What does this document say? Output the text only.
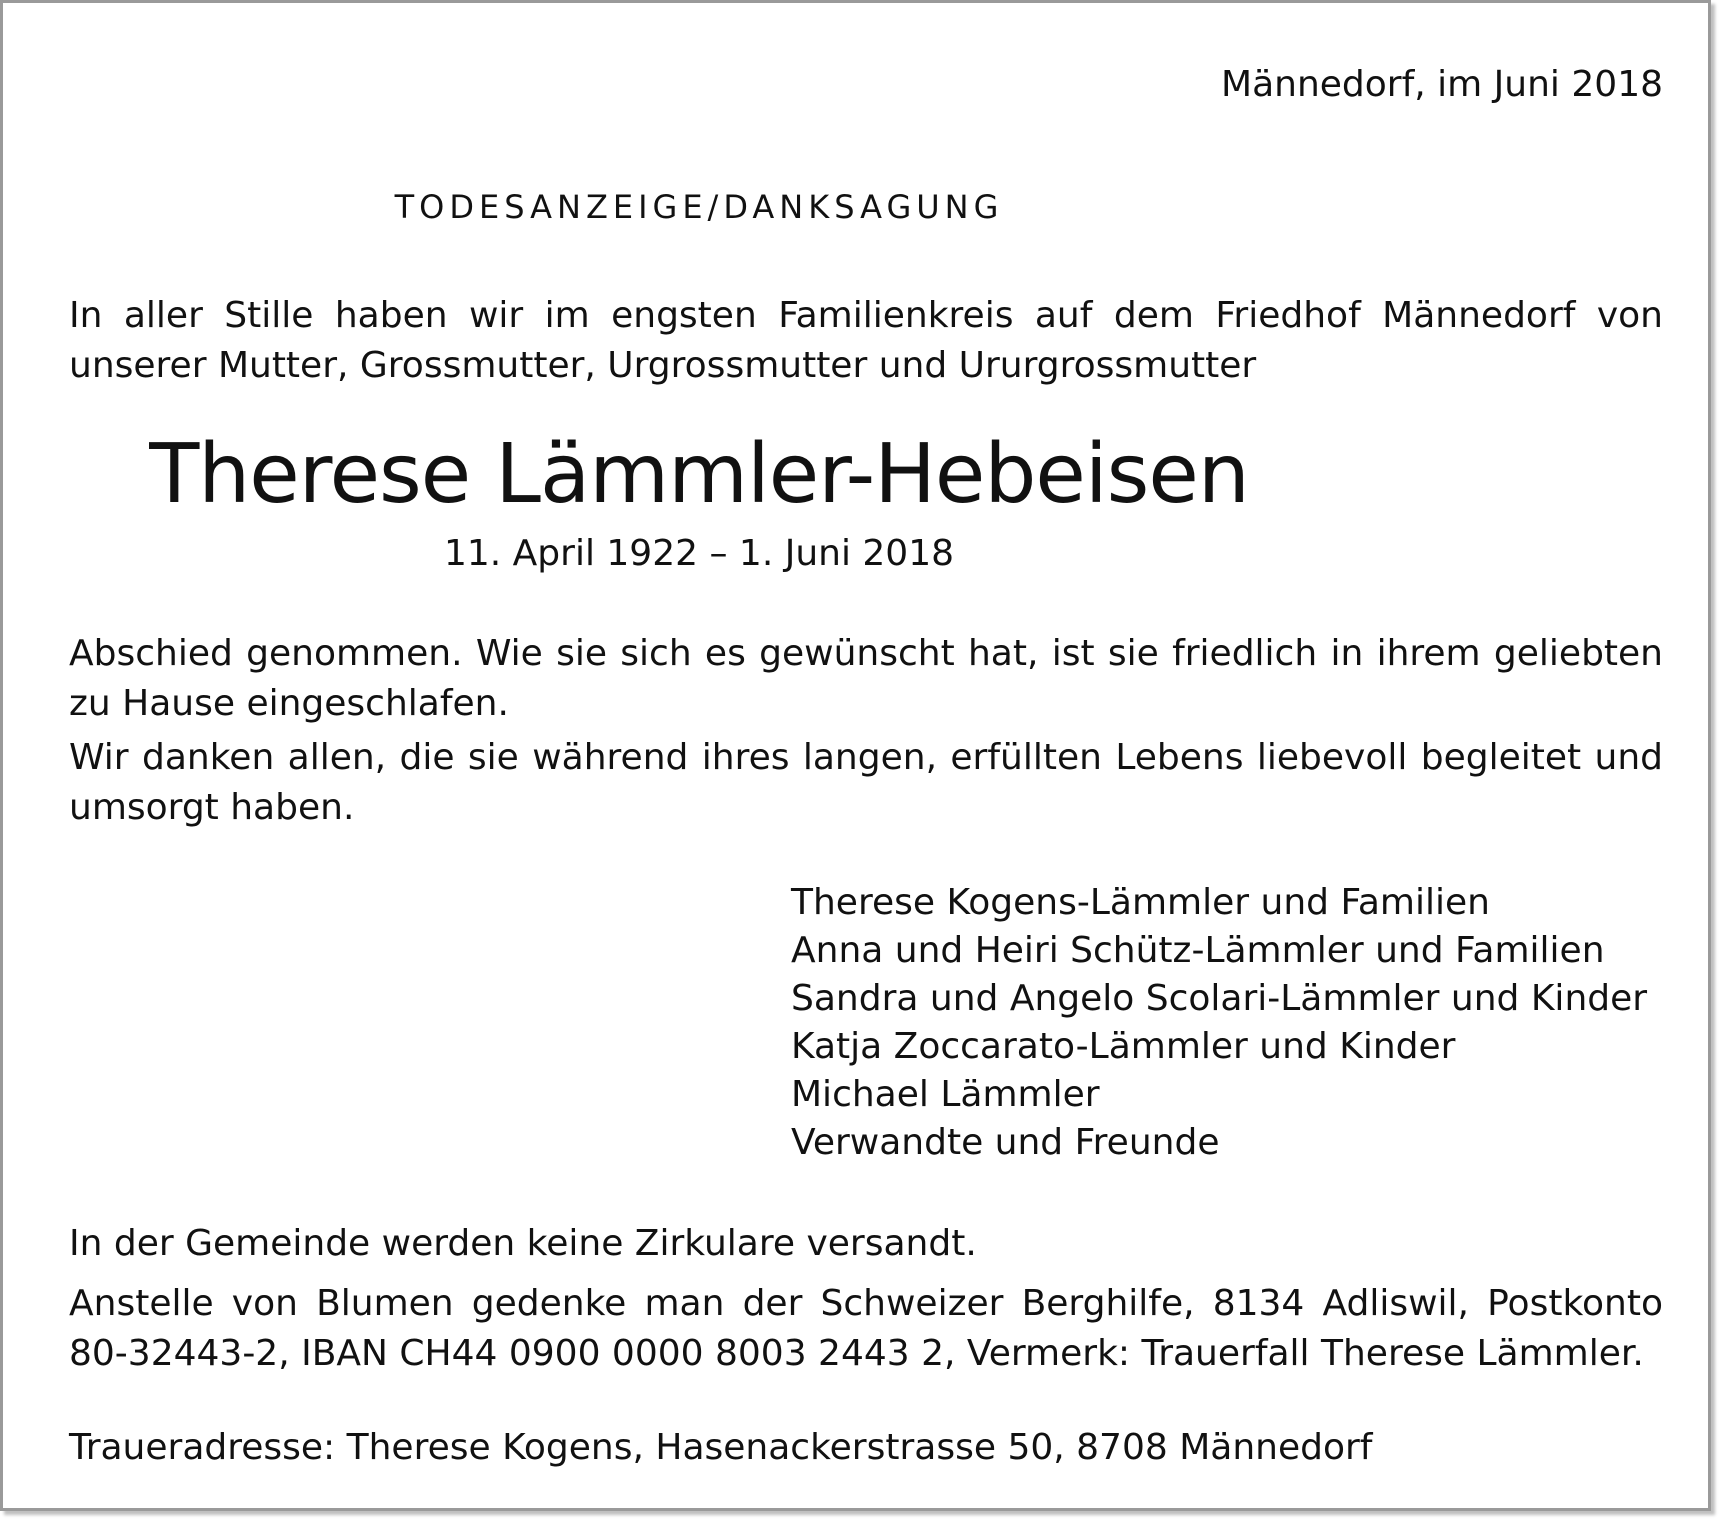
Männedorf, im Juni 2018
TODESANZEIGE/DANKSAGUNG

In aller Stille haben wir im engsten Familienkreis auf dem Friedhof Männedorf von unserer Mutter, Grossmutter, Urgrossmutter und Ururgrossmutter

Therese Lämmler-Hebeisen
11. April 1922 – 1. Juni 2018

Abschied genommen. Wie sie sich es gewünscht hat, ist sie friedlich in ihrem geliebten zu Hause eingeschlafen.

Wir danken allen, die sie während ihres langen, erfüllten Lebens liebevoll begleitet und umsorgt haben.

Therese Kogens-Lämmler und Familien
Anna und Heiri Schütz-Lämmler und Familien
Sandra und Angelo Scolari-Lämmler und Kinder
Katja Zoccarato-Lämmler und Kinder
Michael Lämmler
Verwandte und Freunde

In der Gemeinde werden keine Zirkulare versandt.

Anstelle von Blumen gedenke man der Schweizer Berghilfe, 8134 Adliswil, Postkonto 80-32443-2, IBAN CH44 0900 0000 8003 2443 2, Vermerk: Trauerfall Therese Lämmler.

Traueradresse: Therese Kogens, Hasenackerstrasse 50, 8708 Männedorf
